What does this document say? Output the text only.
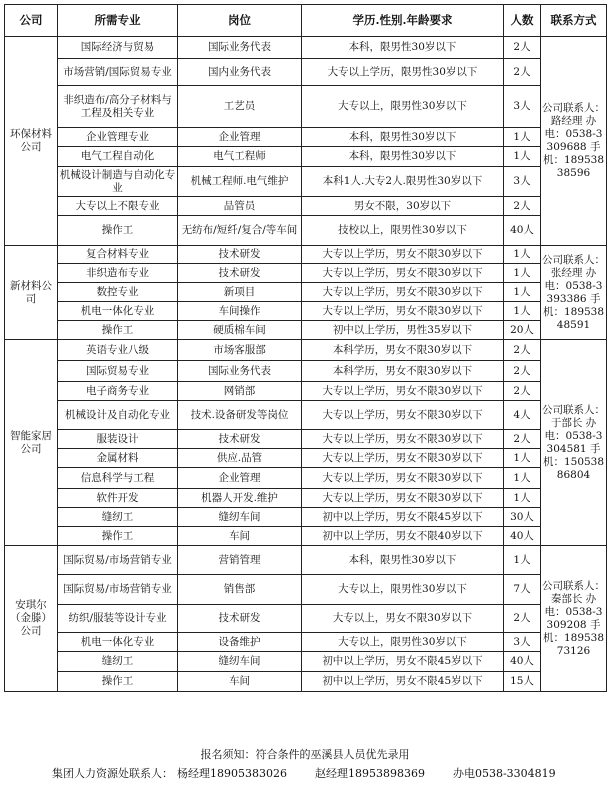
公司	所需专业	岗位	学历.性别.年龄要求	人数	联系方式
环保材料公司	国际经济与贸易	国际业务代表	本科，限男性30岁以下	2人	公司联系人：路经理 办电：0538-3309688 手机：18953838596
	市场营销/国际贸易专业	国内业务代表	大专以上学历，限男性30岁以下	2人	
	非织造布/高分子材料与工程及相关专业	工艺员	大专以上，限男性30岁以下	3人	
	企业管理专业	企业管理	本科，限男性30岁以下	1人	
	电气工程自动化	电气工程师	本科，限男性30岁以下	1人	
	机械设计制造与自动化专业	机械工程师.电气维护	本科1人.大专2人.限男性30岁以下	3人	
	大专以上不限专业	品管员	男女不限，30岁以下	2人	
	操作工	无纺布/短纤/复合/等车间	技校以上，限男性30岁以下	40人	
新材料公司	复合材料专业	技术研发	大专以上学历，男女不限30岁以下	1人	公司联系人：张经理 办电：0538-3393386 手机：18953848591
	非织造布专业	技术研发	大专以上学历，男女不限30岁以下	1人	
	数控专业	新项目	大专以上学历，男女不限30岁以下	1人	
	机电一体化专业	车间操作	大专以上学历，男女不限30岁以下	1人	
	操作工	硬质棉车间	初中以上学历，男性35岁以下	20人	
智能家居公司	英语专业八级	市场客服部	本科学历，男女不限30岁以下	2人	公司联系人：于部长 办电：0538-3304581 手机：15053886804
	国际贸易专业	国际业务代表	本科学历，男女不限30岁以下	2人	
	电子商务专业	网销部	大专以上学历，男女不限30岁以下	2人	
	机械设计及自动化专业	技术.设备研发等岗位	大专以上学历，男女不限30岁以下	4人	
	服装设计	技术研发	大专以上学历，男女不限30岁以下	2人	
	金属材料	供应.品管	大专以上学历，男女不限30岁以下	1人	
	信息科学与工程	企业管理	大专以上学历，男女不限30岁以下	1人	
	软件开发	机器人开发.维护	大专以上学历，男女不限30岁以下	1人	
	缝纫工	缝纫车间	初中以上学历，男女不限45岁以下	30人	
	操作工	车间	初中以上学历，男女不限40岁以下	40人	
安琪尔（金滕）公司	国际贸易/市场营销专业	营销管理	本科，限男性30岁以下	1人	公司联系人：秦部长 办电：0538-3309208 手机：18953873126
	国际贸易/市场营销专业	销售部	大专以上，限男性30岁以下	7人	
	纺织/服装等设计专业	技术研发	大专以上，男女不限30岁以下	2人	
	机电一体化专业	设备维护	大专以上，限男性30岁以下	3人	
	缝纫工	缝纫车间	初中以上学历，男女不限45岁以下	40人	
	操作工	车间	初中以上学历，男女不限45岁以下	15人	
报名须知：符合条件的巫溪县人员优先录用
集团人力资源处联系人： 杨经理18905383026	赵经理18953898369	办电0538-3304819
